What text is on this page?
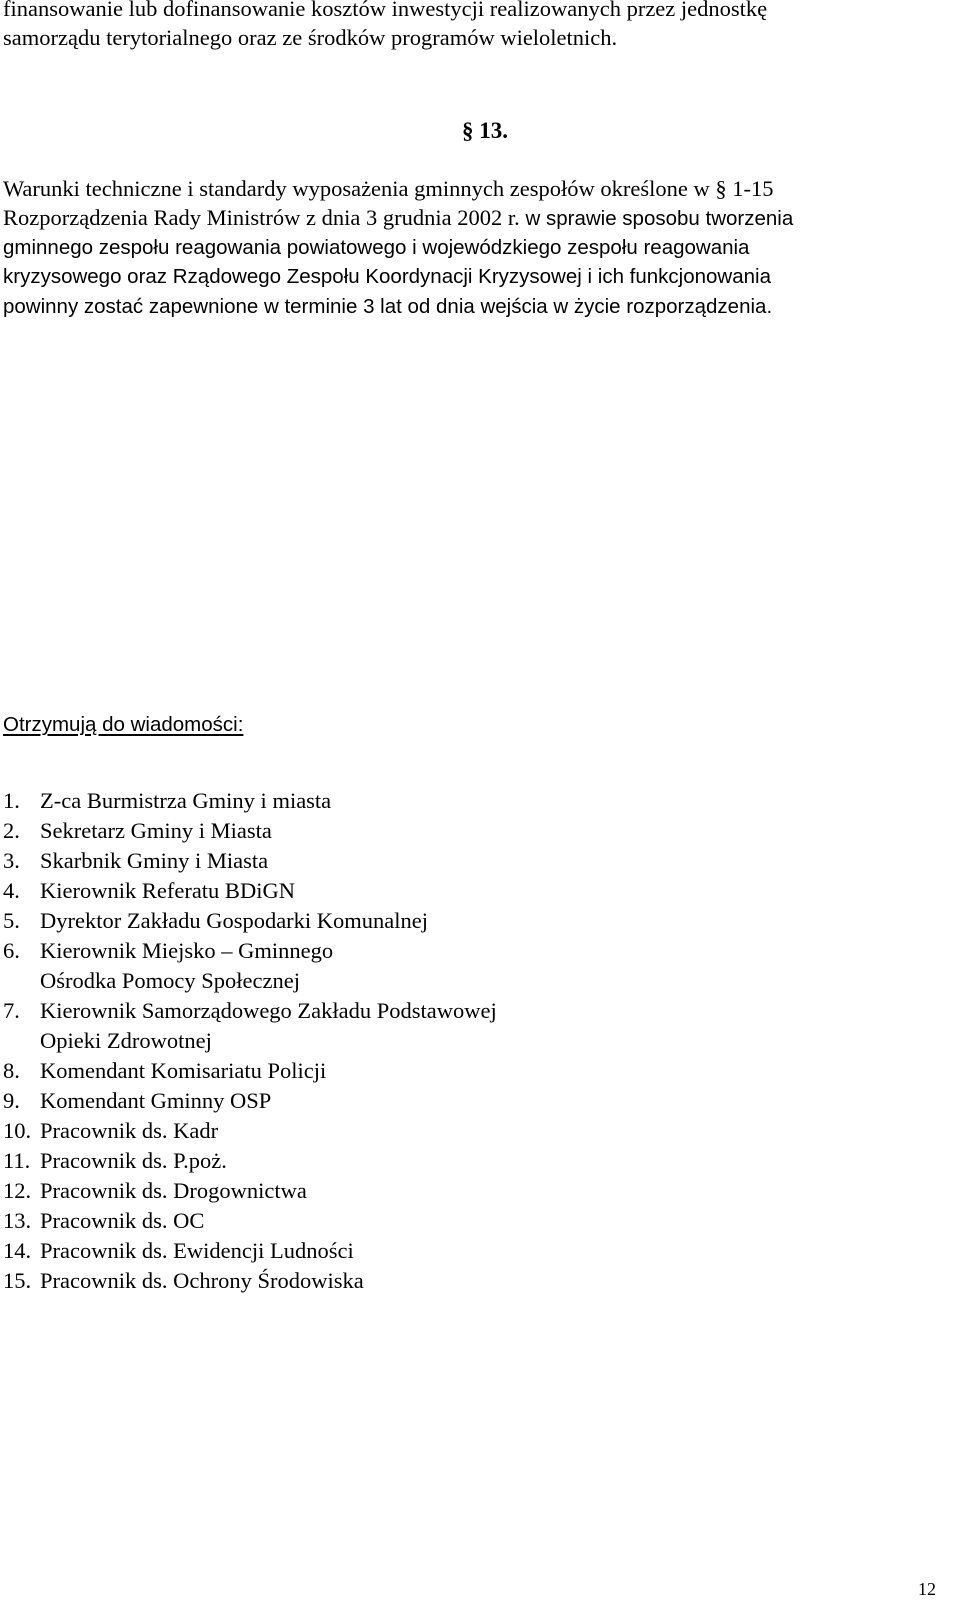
finansowanie lub dofinansowanie kosztów inwestycji realizowanych przez jednostkę
samorządu terytorialnego oraz ze środków programów wieloletnich.
§ 13.
Warunki techniczne i standardy wyposażenia gminnych zespołów określone w § 1-15
Rozporządzenia Rady Ministrów z dnia 3 grudnia 2002 r. w sprawie sposobu tworzenia
gminnego zespołu reagowania powiatowego i wojewódzkiego zespołu reagowania
kryzysowego oraz Rządowego Zespołu Koordynacji Kryzysowej i ich funkcjonowania
powinny zostać zapewnione w terminie 3 lat od dnia wejścia w życie rozporządzenia.
Otrzymują do wiadomości:
1. Z-ca Burmistrza Gminy i miasta
2. Sekretarz Gminy i Miasta
3. Skarbnik Gminy i Miasta
4. Kierownik Referatu BDiGN
5. Dyrektor Zakładu Gospodarki Komunalnej
6. Kierownik Miejsko – Gminnego
Ośrodka Pomocy Społecznej
7. Kierownik Samorządowego Zakładu Podstawowej
Opieki Zdrowotnej
8. Komendant Komisariatu Policji
9. Komendant Gminny OSP
10. Pracownik ds. Kadr
11. Pracownik ds. P.poż.
12. Pracownik ds. Drogownictwa
13. Pracownik ds. OC
14. Pracownik ds. Ewidencji Ludności
15. Pracownik ds. Ochrony Środowiska
12
